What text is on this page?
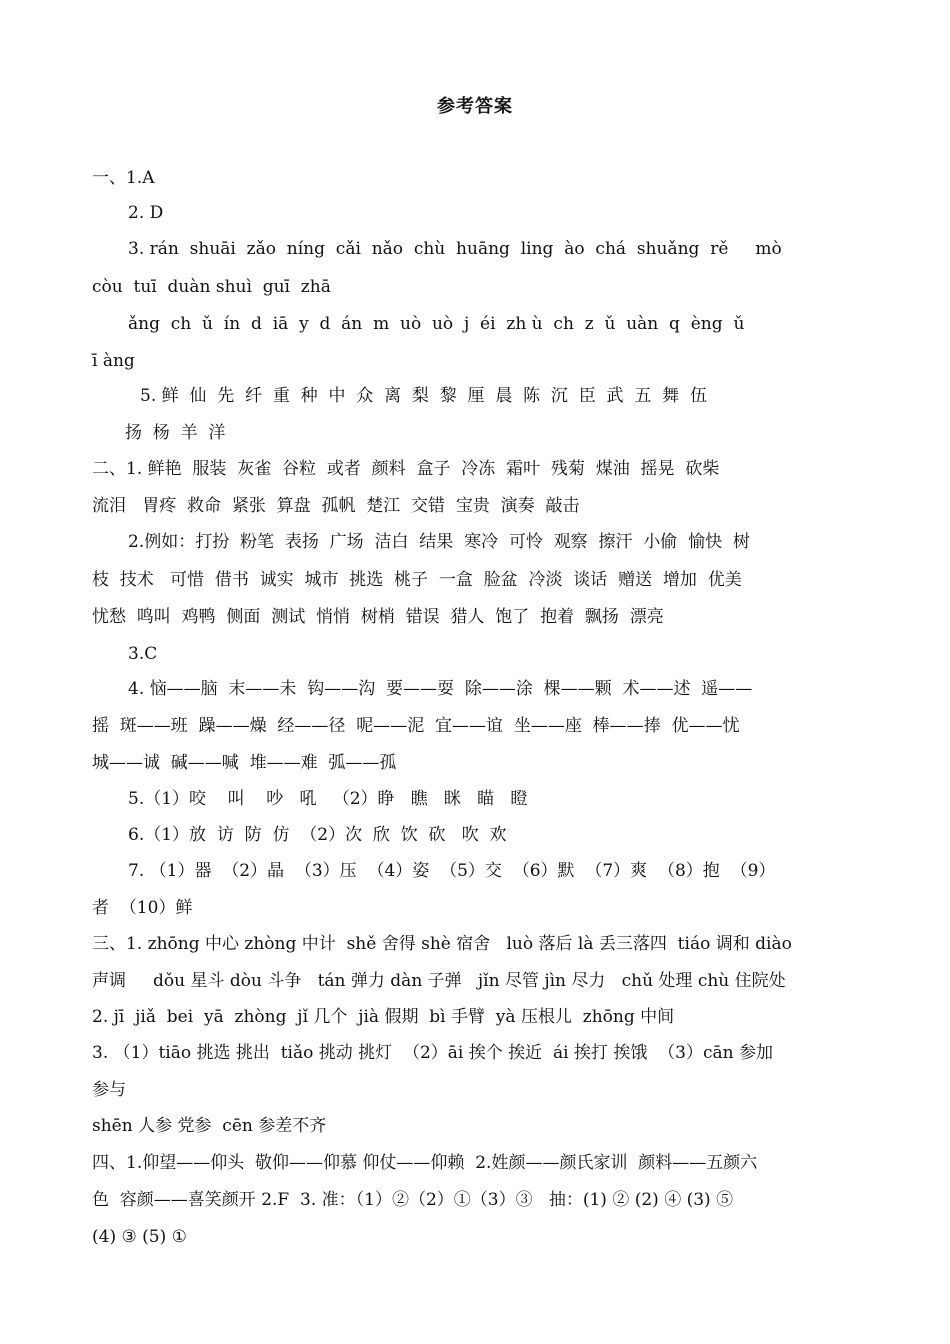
参考答案
一、1.A
2. D
3. rán  shuāi  zǎo  níng  cǎi  nǎo  chù  huāng  ling  ào  chá  shuǎng  rě     mò
còu  tuī  duàn shuì  guī  zhā
ǎng  ch  ǔ  ín  d  iā  y  d  án  m  uò  uò  j  éi  zh ù  ch  z  ǔ  uàn  q  èng  ǔ
ī àng
5. 鲜  仙  先  纤  重  种  中  众  离  梨  黎  厘  晨  陈  沉  臣  武  五  舞  伍
扬  杨  羊  洋
二、1. 鲜艳  服装  灰雀  谷粒  或者  颜料  盒子  冷冻  霜叶  残菊  煤油  摇晃  砍柴
流泪   胃疼  救命  紧张  算盘  孤帆  楚江  交错  宝贵  演奏  敲击
2.例如：打扮  粉笔  表扬  广场  洁白  结果  寒冷  可怜  观察  擦汗  小偷  愉快  树
枝  技术   可惜  借书  诚实  城市  挑选  桃子  一盒  脸盆  冷淡  谈话  赠送  增加  优美
忧愁  鸣叫  鸡鸭  侧面  测试  悄悄  树梢  错误  猎人  饱了  抱着  飘扬  漂亮
3.C
4. 恼——脑  末——未  钩——沟  要——耍  除——涂  棵——颗  术——述  遥——
摇  斑——班  躁——燥  经——径  呢——泥  宜——谊  坐——座  棒——捧  优——忧
城——诚  碱——喊  堆——难  弧——孤
5.（1）咬    叫    吵   吼   （2）睁   瞧   眯   瞄   瞪
6.（1）放  访  防  仿  （2）次  欣  饮  砍   吹  欢
7. （1）器  （2）晶  （3）压  （4）姿  （5）交  （6）默  （7）爽  （8）抱  （9）
者  （10）鲜
三、1. zhōng 中心 zhòng 中计  shě 舍得 shè 宿舍   luò 落后 là 丢三落四  tiáo 调和 diào
声调     dǒu 星斗 dòu 斗争   tán 弹力 dàn 子弹   jǐn 尽管 jìn 尽力   chǔ 处理 chù 住院处
2. jī  jiǎ  bei  yā  zhòng  jǐ 几个  jià 假期  bì 手臂  yà 压根儿  zhōng 中间
3. （1）tiāo 挑选 挑出  tiǎo 挑动 挑灯  （2）āi 挨个 挨近  ái 挨打 挨饿  （3）cān 参加
参与
shēn 人参 党参  cēn 参差不齐
四、1.仰望——仰头  敬仰——仰慕 仰仗——仰赖  2.姓颜——颜氏家训  颜料——五颜六
色  容颜——喜笑颜开 2.F  3. 准：（1）②（2）①（3）③   抽：(1) ② (2) ④ (3) ⑤
(4) ③ (5) ①
